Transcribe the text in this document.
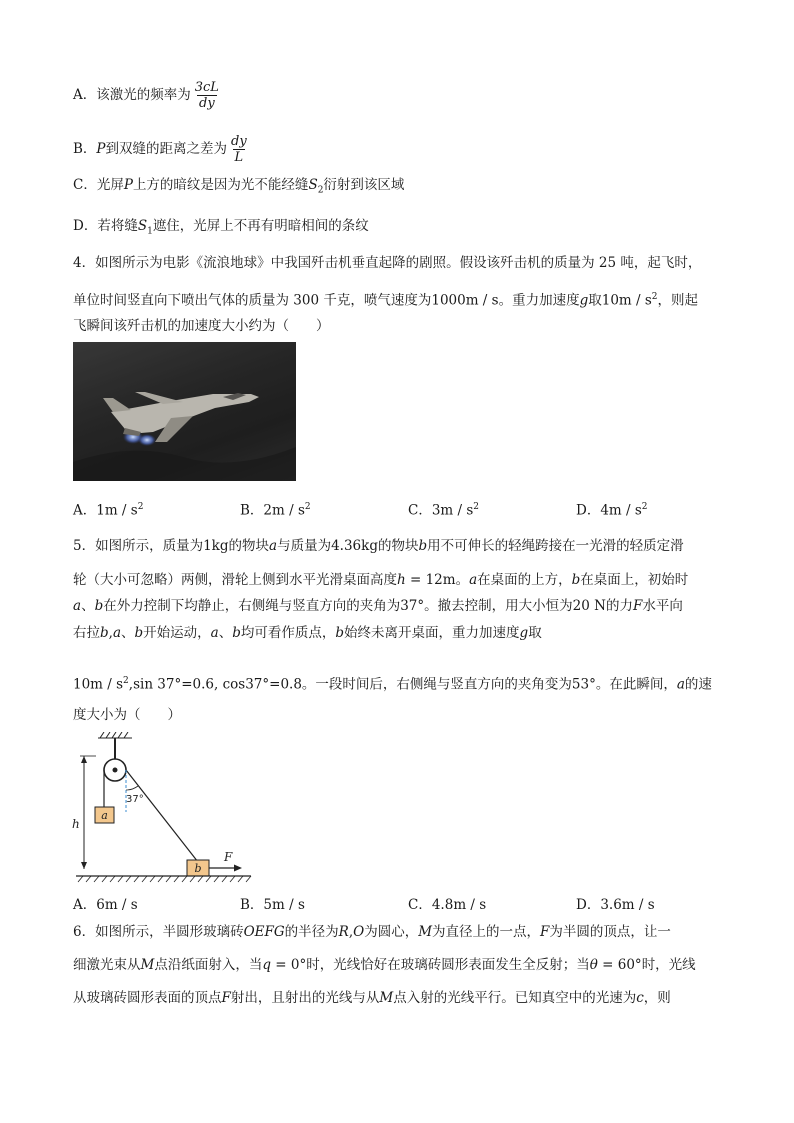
A．该激光的频率为 $\frac{3cL}{dy}$
B．P到双缝的距离之差为 $\frac{dy}{L}$
C．光屏P上方的暗纹是因为光不能经缝$S_2$衍射到该区域
D．若将缝$S_1$遮住，光屏上不再有明暗相间的条纹
4．如图所示为电影《流浪地球》中我国歼击机垂直起降的剧照。假设该歼击机的质量为 25 吨，起飞时，
单位时间竖直向下喷出气体的质量为 300 千克，喷气速度为1000m / s。重力加速度g取$10m / s^2$，则起
飞瞬间该歼击机的加速度大小约为（　　）
A．$1m / s^2$	B．$2m / s^2$	C．$3m / s^2$	D．$4m / s^2$
5．如图所示，质量为1kg的物块a与质量为4.36kg的物块b用不可伸长的轻绳跨接在一光滑的轻质定滑
轮（大小可忽略）两侧，滑轮上侧到水平光滑桌面高度h = 12m。a在桌面的上方，b在桌面上，初始时
a、b在外力控制下均静止，右侧绳与竖直方向的夹角为37°。撤去控制，用大小恒为20 N的力F水平向
右拉b,a、b开始运动，a、b均可看作质点，b始终未离开桌面，重力加速度g取
$10m / s^2,\sin$ 37°=0.6, cos37°=0.8。一段时间后，右侧绳与竖直方向的夹角变为53°。在此瞬间，a的速
度大小为（　　）
a
37°
h
b
F
A．6m / s	B．5m / s	C．4.8m / s	D．3.6m / s
6．如图所示，半圆形玻璃砖OEFG的半径为R,O为圆心，M为直径上的一点，F为半圆的顶点，让一
细激光束从M点沿纸面射入，当q = 0°时，光线恰好在玻璃砖圆形表面发生全反射；当θ = 60°时，光线
从玻璃砖圆形表面的顶点F射出，且射出的光线与从M点入射的光线平行。已知真空中的光速为c，则
